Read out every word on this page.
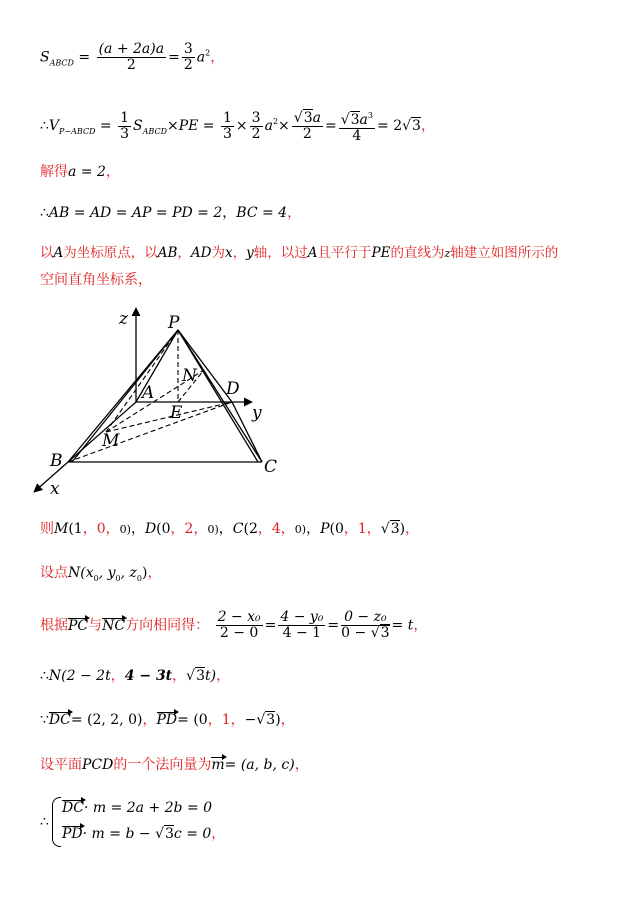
$S_{ABCD} = \frac{(a + 2a)a}{2} = \frac{3}{2} a^2$，
$\therefore V_{P-ABCD} = \frac{1}{3} S_{ABCD}\times PE = \frac{1}{3} \times \frac{3}{2} a^2\times \frac{√3a}{2} = \frac{√3a^3}{4} = 2√3$，
解得a = 2，
∴AB = AD = AP = PD = 2，BC = 4，
以A为坐标原点，以AB，AD为x，y轴，以过A且平行于PE的直线为z轴建立如图所示的
空间直角坐标系，
z P
N
A	D
E	y
M
B	C
x
则M(1，0，0)，D(0，2，0)，C(2，4，0)，P(0，1，√3)，
设点$N(x_0$, $y_0$, $z_0$)，
根据PC与NC方向相同得： $\frac{\text{2 − x₀}}{2 - 0} = \frac{\text{4 − y₀}}{4 - 1} = \frac{\text{0 − z₀}}{0 - √3} = t$，
∴N(2 − 2t，4 − 3t，√3t)，
∵DC= (2, 2, 0)，PD= (0，1，−√3)，
设平面PCD的一个法向量为m= (a, b, c)，
∴
DC· m = 2a + 2b = 0
PD· m = b − √3c = 0，
